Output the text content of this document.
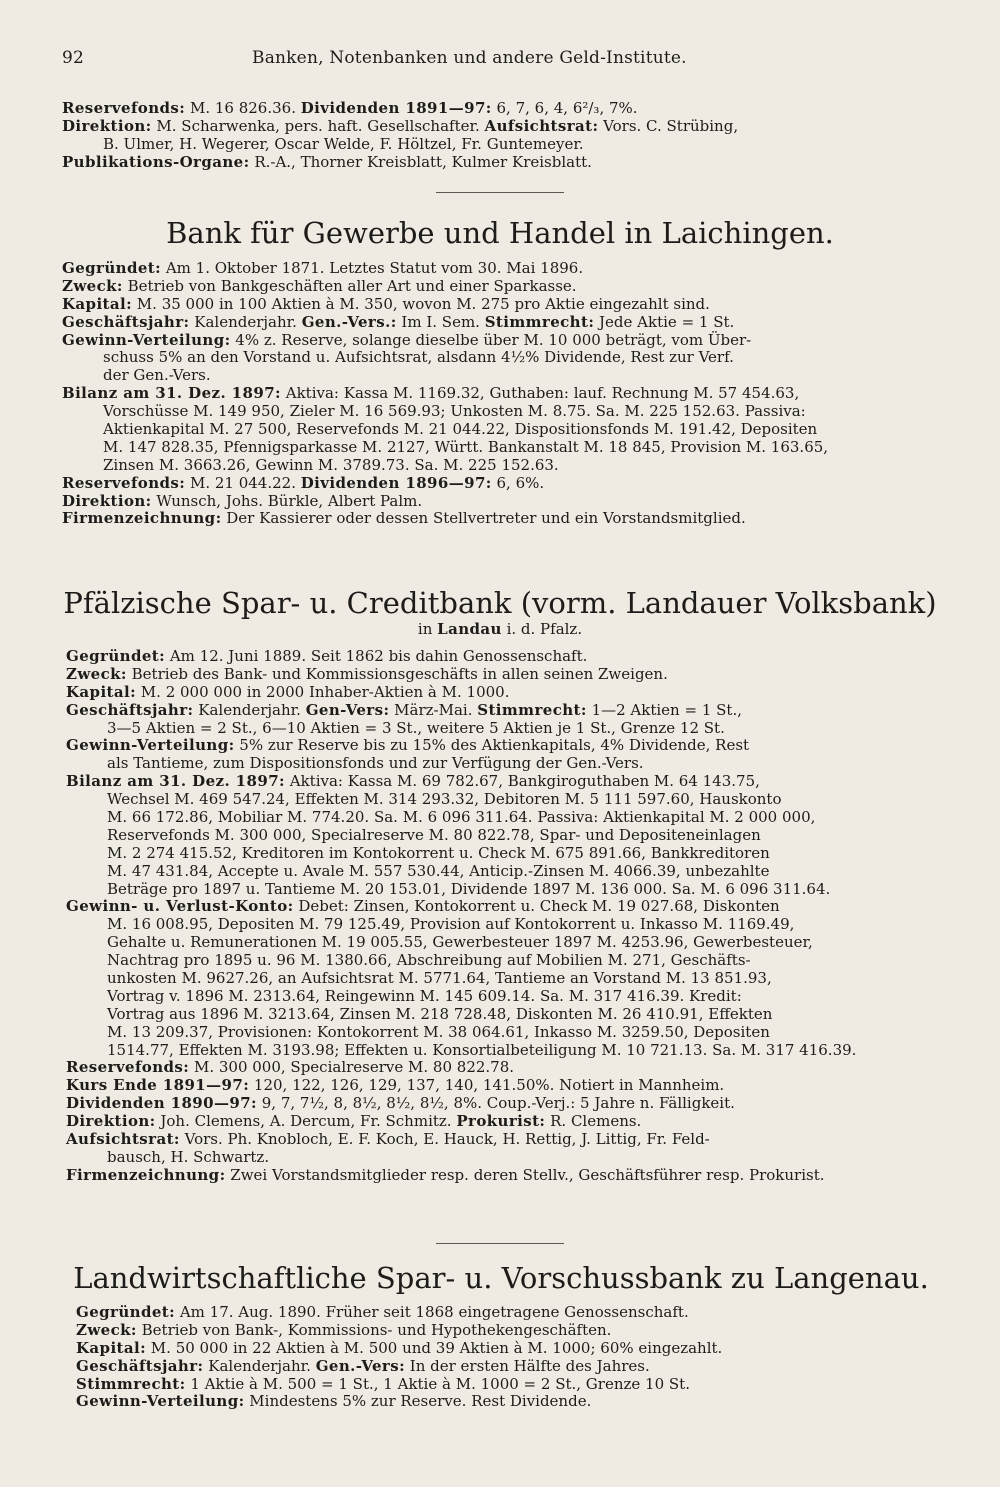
92	Banken, Notenbanken und andere Geld-Institute.
Reservefonds: M. 16 826.36. Dividenden 1891—97: 6, 7, 6, 4, 6²/₃, 7%.
Direktion: M. Scharwenka, pers. haft. Gesellschafter. Aufsichtsrat: Vors. C. Strübing,
B. Ulmer, H. Wegerer, Oscar Welde, F. Höltzel, Fr. Guntemeyer.
Publikations-Organe: R.-A., Thorner Kreisblatt, Kulmer Kreisblatt.
Bank für Gewerbe und Handel in Laichingen.
Gegründet: Am 1. Oktober 1871. Letztes Statut vom 30. Mai 1896.
Zweck: Betrieb von Bankgeschäften aller Art und einer Sparkasse.
Kapital: M. 35 000 in 100 Aktien à M. 350, wovon M. 275 pro Aktie eingezahlt sind.
Geschäftsjahr: Kalenderjahr. Gen.-Vers.: Im I. Sem. Stimmrecht: Jede Aktie = 1 St.
Gewinn-Verteilung: 4% z. Reserve, solange dieselbe über M. 10 000 beträgt, vom Über-
schuss 5% an den Vorstand u. Aufsichtsrat, alsdann 4½% Dividende, Rest zur Verf.
der Gen.-Vers.
Bilanz am 31. Dez. 1897: Aktiva: Kassa M. 1169.32, Guthaben: lauf. Rechnung M. 57 454.63,
Vorschüsse M. 149 950, Zieler M. 16 569.93; Unkosten M. 8.75. Sa. M. 225 152.63. Passiva:
Aktienkapital M. 27 500, Reservefonds M. 21 044.22, Dispositionsfonds M. 191.42, Depositen
M. 147 828.35, Pfennigsparkasse M. 2127, Württ. Bankanstalt M. 18 845, Provision M. 163.65,
Zinsen M. 3663.26, Gewinn M. 3789.73. Sa. M. 225 152.63.
Reservefonds: M. 21 044.22. Dividenden 1896—97: 6, 6%.
Direktion: Wunsch, Johs. Bürkle, Albert Palm.
Firmenzeichnung: Der Kassierer oder dessen Stellvertreter und ein Vorstandsmitglied.
Pfälzische Spar- u. Creditbank (vorm. Landauer Volksbank)
in Landau i. d. Pfalz.
Gegründet: Am 12. Juni 1889. Seit 1862 bis dahin Genossenschaft.
Zweck: Betrieb des Bank- und Kommissionsgeschäfts in allen seinen Zweigen.
Kapital: M. 2 000 000 in 2000 Inhaber-Aktien à M. 1000.
Geschäftsjahr: Kalenderjahr. Gen-Vers: März-Mai. Stimmrecht: 1—2 Aktien = 1 St.,
3—5 Aktien = 2 St., 6—10 Aktien = 3 St., weitere 5 Aktien je 1 St., Grenze 12 St.
Gewinn-Verteilung: 5% zur Reserve bis zu 15% des Aktienkapitals, 4% Dividende, Rest
als Tantieme, zum Dispositionsfonds und zur Verfügung der Gen.-Vers.
Bilanz am 31. Dez. 1897: Aktiva: Kassa M. 69 782.67, Bankgiroguthaben M. 64 143.75,
Wechsel M. 469 547.24, Effekten M. 314 293.32, Debitoren M. 5 111 597.60, Hauskonto
M. 66 172.86, Mobiliar M. 774.20. Sa. M. 6 096 311.64. Passiva: Aktienkapital M. 2 000 000,
Reservefonds M. 300 000, Specialreserve M. 80 822.78, Spar- und Depositeneinlagen
M. 2 274 415.52, Kreditoren im Kontokorrent u. Check M. 675 891.66, Bankkreditoren
M. 47 431.84, Accepte u. Avale M. 557 530.44, Anticip.-Zinsen M. 4066.39, unbezahlte
Beträge pro 1897 u. Tantieme M. 20 153.01, Dividende 1897 M. 136 000. Sa. M. 6 096 311.64.
Gewinn- u. Verlust-Konto: Debet: Zinsen, Kontokorrent u. Check M. 19 027.68, Diskonten
M. 16 008.95, Depositen M. 79 125.49, Provision auf Kontokorrent u. Inkasso M. 1169.49,
Gehalte u. Remunerationen M. 19 005.55, Gewerbesteuer 1897 M. 4253.96, Gewerbesteuer,
Nachtrag pro 1895 u. 96 M. 1380.66, Abschreibung auf Mobilien M. 271, Geschäfts-
unkosten M. 9627.26, an Aufsichtsrat M. 5771.64, Tantieme an Vorstand M. 13 851.93,
Vortrag v. 1896 M. 2313.64, Reingewinn M. 145 609.14. Sa. M. 317 416.39. Kredit:
Vortrag aus 1896 M. 3213.64, Zinsen M. 218 728.48, Diskonten M. 26 410.91, Effekten
M. 13 209.37, Provisionen: Kontokorrent M. 38 064.61, Inkasso M. 3259.50, Depositen
1514.77, Effekten M. 3193.98; Effekten u. Konsortialbeteiligung M. 10 721.13. Sa. M. 317 416.39.
Reservefonds: M. 300 000, Specialreserve M. 80 822.78.
Kurs Ende 1891—97: 120, 122, 126, 129, 137, 140, 141.50%. Notiert in Mannheim.
Dividenden 1890—97: 9, 7, 7½, 8, 8½, 8½, 8½, 8%. Coup.-Verj.: 5 Jahre n. Fälligkeit.
Direktion: Joh. Clemens, A. Dercum, Fr. Schmitz. Prokurist: R. Clemens.
Aufsichtsrat: Vors. Ph. Knobloch, E. F. Koch, E. Hauck, H. Rettig, J. Littig, Fr. Feld-
bausch, H. Schwartz.
Firmenzeichnung: Zwei Vorstandsmitglieder resp. deren Stellv., Geschäftsführer resp. Prokurist.
Landwirtschaftliche Spar- u. Vorschussbank zu Langenau.
Gegründet: Am 17. Aug. 1890. Früher seit 1868 eingetragene Genossenschaft.
Zweck: Betrieb von Bank-, Kommissions- und Hypothekengeschäften.
Kapital: M. 50 000 in 22 Aktien à M. 500 und 39 Aktien à M. 1000; 60% eingezahlt.
Geschäftsjahr: Kalenderjahr. Gen.-Vers: In der ersten Hälfte des Jahres.
Stimmrecht: 1 Aktie à M. 500 = 1 St., 1 Aktie à M. 1000 = 2 St., Grenze 10 St.
Gewinn-Verteilung: Mindestens 5% zur Reserve. Rest Dividende.
